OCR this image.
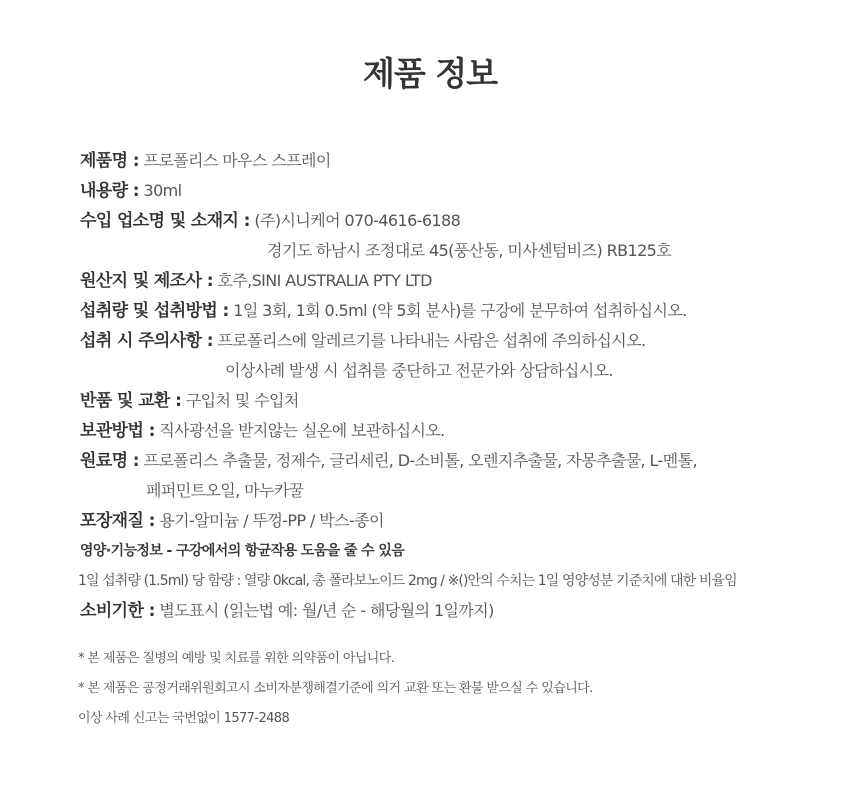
제품 정보
제품명 : 프로폴리스 마우스 스프레이
내용량 : 30ml
수입 업소명 및 소재지 : (주)시니케어 070-4616-6188
경기도 하남시 조정대로 45(풍산동, 미사센텀비즈) RB125호
원산지 및 제조사 : 호주,SINI AUSTRALIA PTY LTD
섭취량 및 섭취방법 : 1일 3회, 1회 0.5ml (약 5회 분사)를 구강에 분무하여 섭취하십시오.
섭취 시 주의사항 : 프로폴리스에 알레르기를 나타내는 사람은 섭취에 주의하십시오.
이상사례 발생 시 섭취를 중단하고 전문가와 상담하십시오.
반품 및 교환 : 구입처 및 수입처
보관방법 : 직사광선을 받지않는 실온에 보관하십시오.
원료명 : 프로폴리스 추출물, 정제수, 글리세린, D-소비톨, 오렌지추출물, 자몽추출물, L-멘톨,
페퍼민트오일, 마누카꿀
포장재질 : 용기-알미늄 / 뚜껑-PP / 박스-종이
영양·기능정보 - 구강에서의 항균작용 도움을 줄 수 있음
1일 섭취량 (1.5ml) 당 함량 : 열량 0kcal, 총 폴라보노이드 2mg / ※()안의 수치는 1일 영양성분 기준치에 대한 비율임
소비기한 : 별도표시 (읽는법 예: 월/년 순 - 해당월의 1일까지)
* 본 제품은 질병의 예방 및 치료를 위한 의약품이 아닙니다.
* 본 제품은 공정거래위원회고시 소비자분쟁해결기준에 의거 교환 또는 환불 받으실 수 있습니다.
이상 사례 신고는 국번없이 1577-2488
